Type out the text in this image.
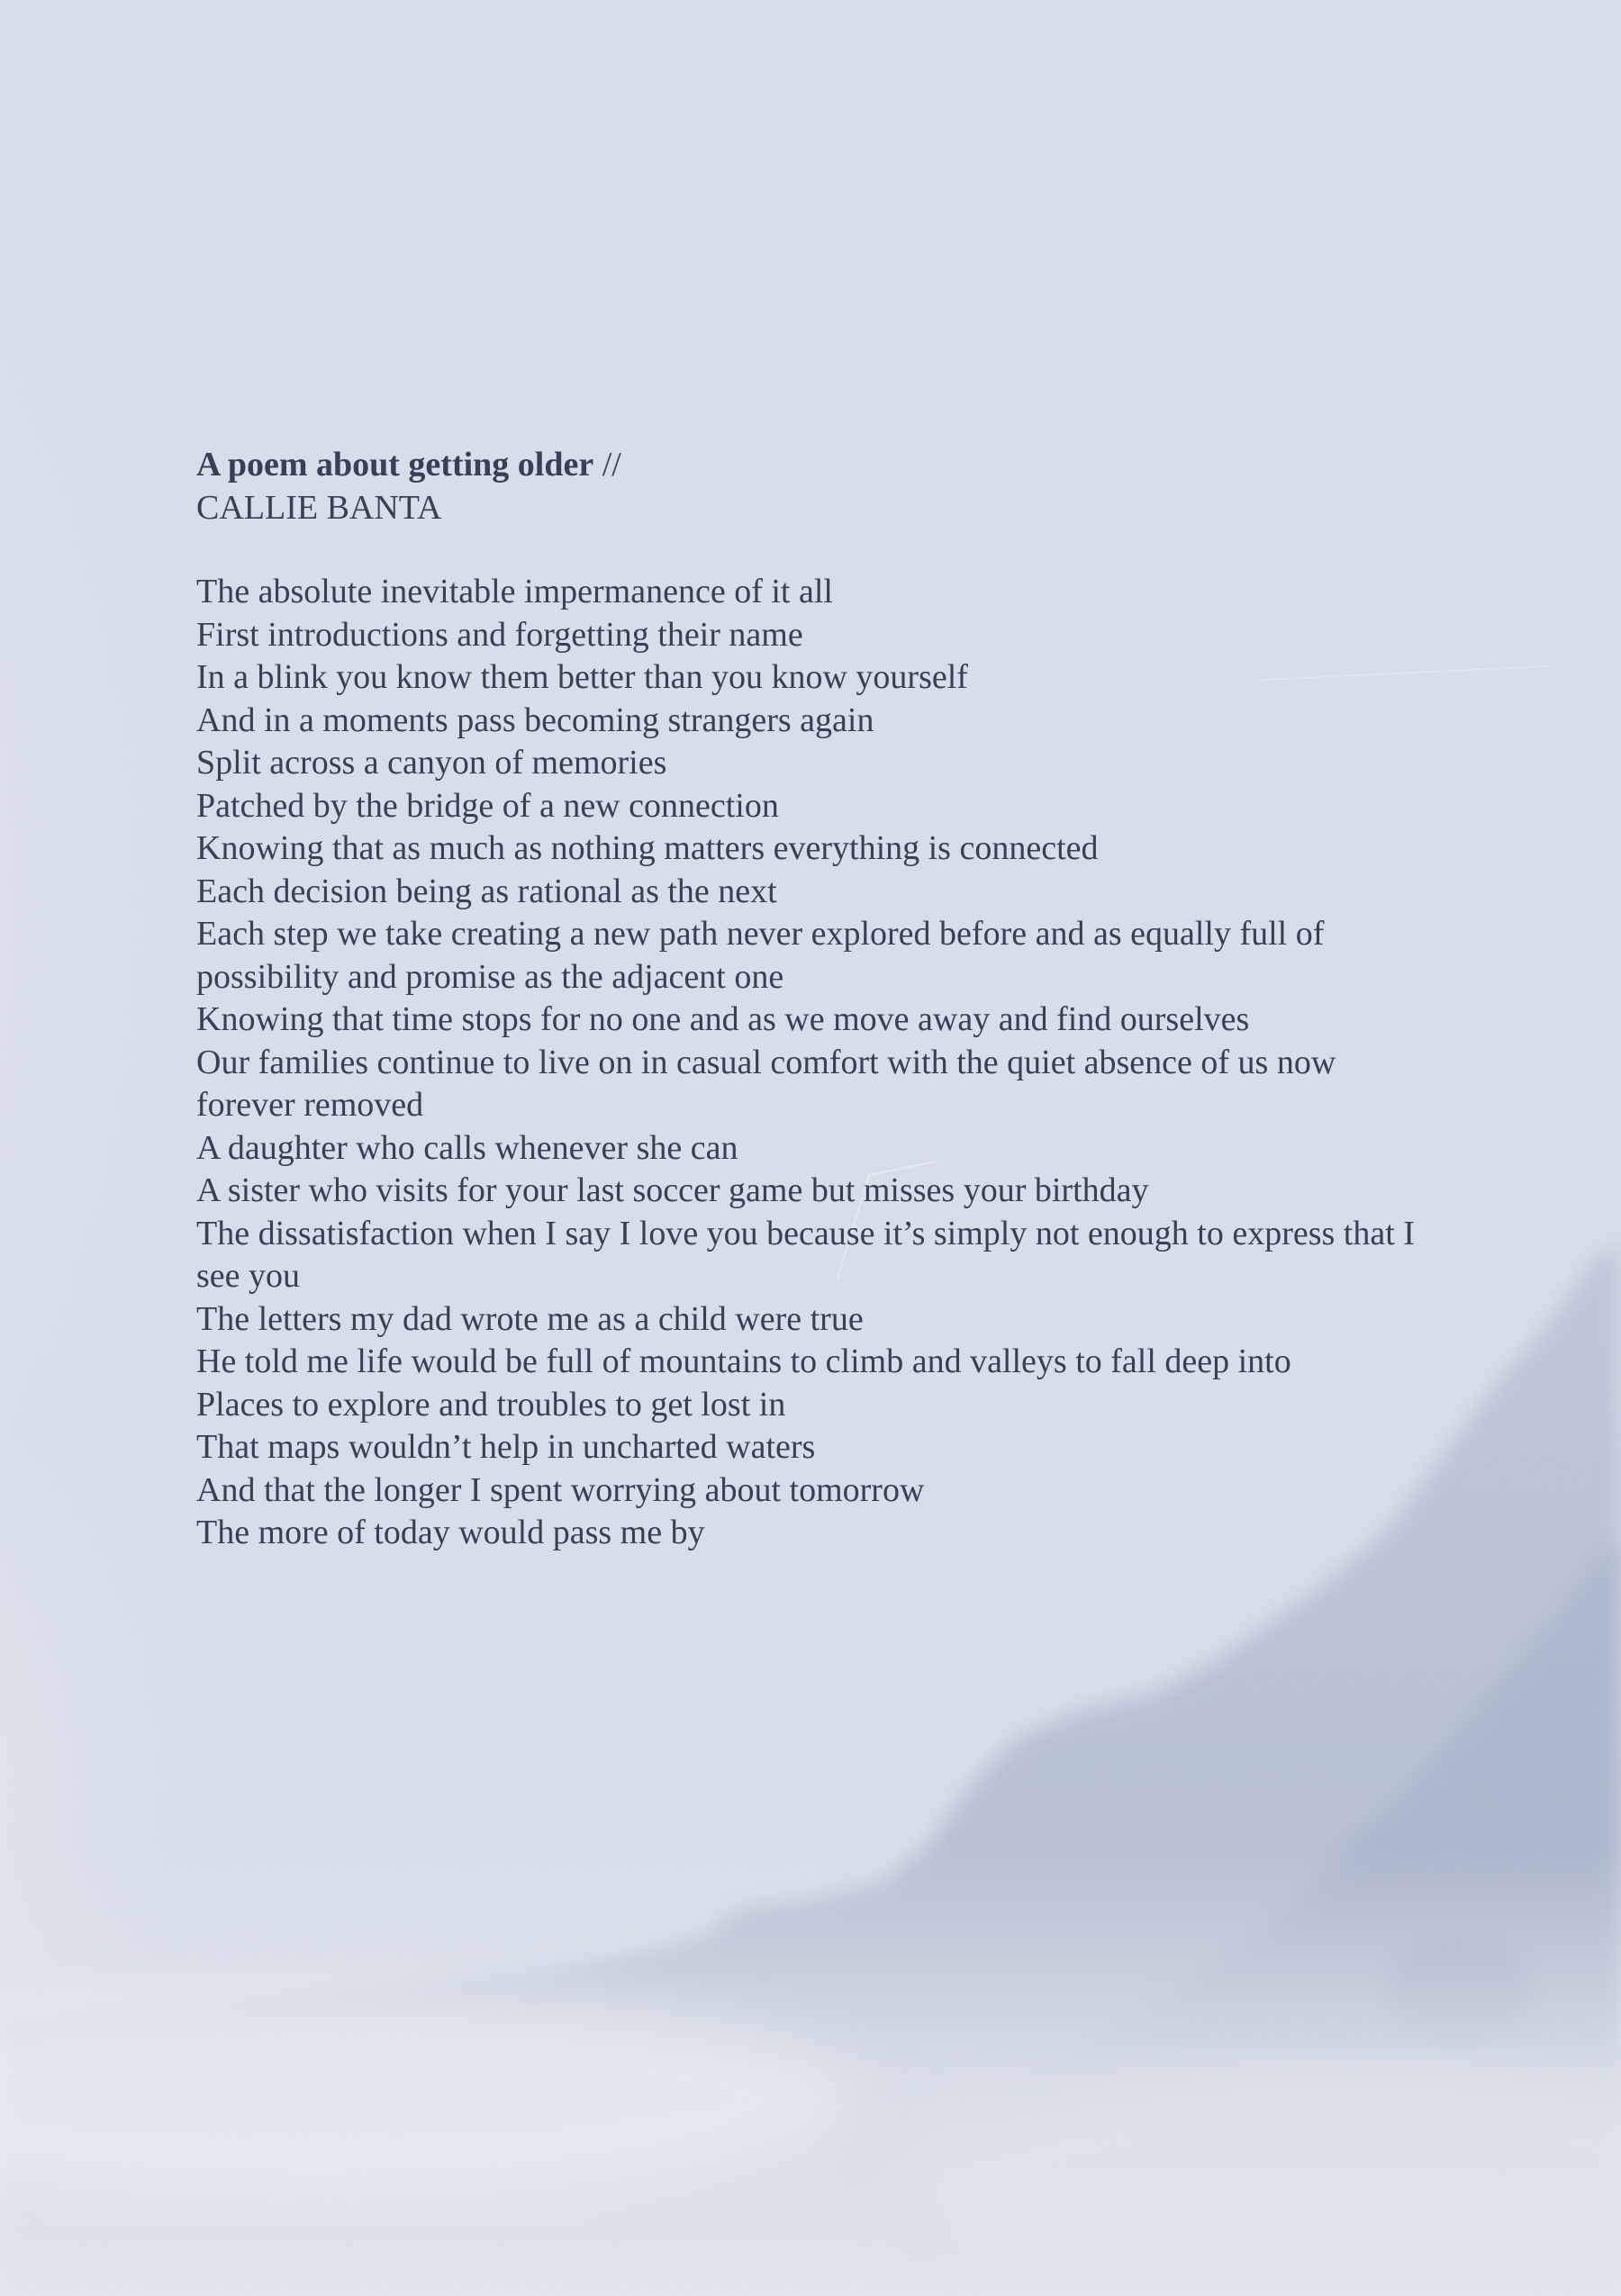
A poem about getting older //

CALLIE BANTA

The absolute inevitable impermanence of it all
First introductions and forgetting their name
In a blink you know them better than you know yourself
And in a moments pass becoming strangers again
Split across a canyon of memories
Patched by the bridge of a new connection
Knowing that as much as nothing matters everything is connected
Each decision being as rational as the next
Each step we take creating a new path never explored before and as equally full of possibility and promise as the adjacent one
Knowing that time stops for no one and as we move away and find ourselves
Our families continue to live on in casual comfort with the quiet absence of us now forever removed
A daughter who calls whenever she can
A sister who visits for your last soccer game but misses your birthday
The dissatisfaction when I say I love you because it’s simply not enough to express that I see you
The letters my dad wrote me as a child were true
He told me life would be full of mountains to climb and valleys to fall deep into
Places to explore and troubles to get lost in
That maps wouldn’t help in uncharted waters
And that the longer I spent worrying about tomorrow
The more of today would pass me by
